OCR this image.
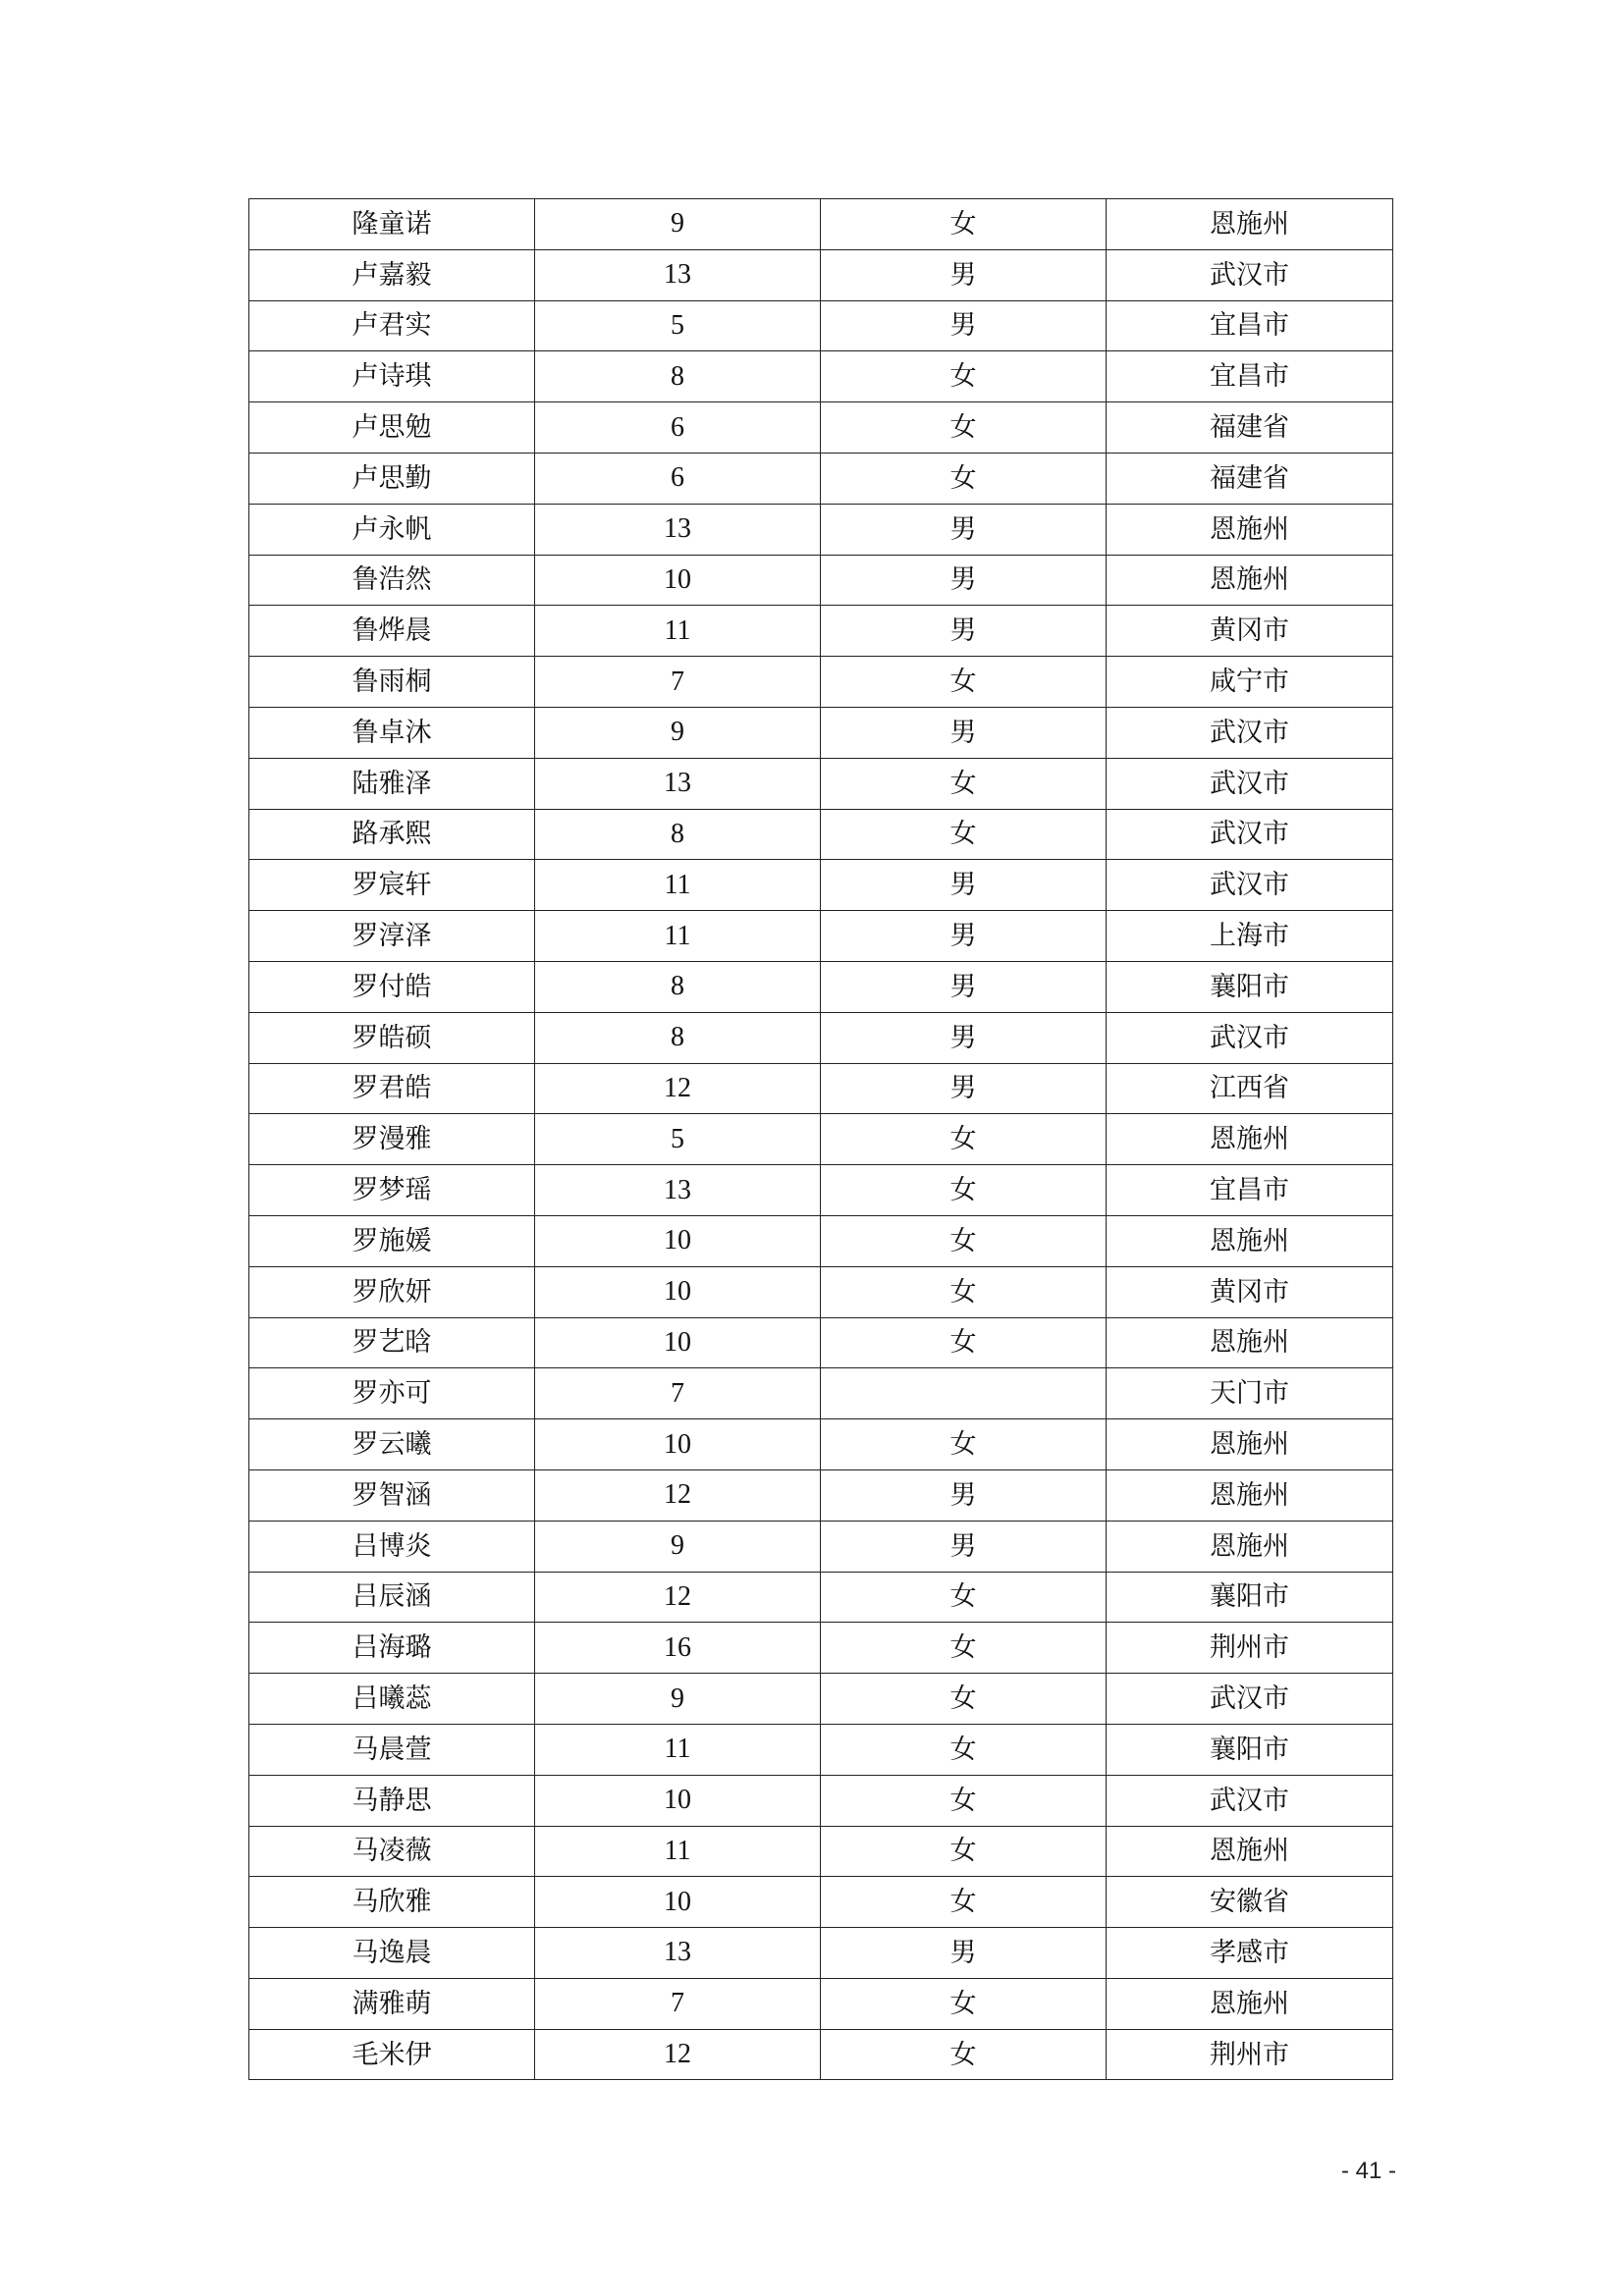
隆童诺	9	女	恩施州
卢嘉毅	13	男	武汉市
卢君实	5	男	宜昌市
卢诗琪	8	女	宜昌市
卢思勉	6	女	福建省
卢思勤	6	女	福建省
卢永帆	13	男	恩施州
鲁浩然	10	男	恩施州
鲁烨晨	11	男	黄冈市
鲁雨桐	7	女	咸宁市
鲁卓沐	9	男	武汉市
陆雅泽	13	女	武汉市
路承熙	8	女	武汉市
罗宸轩	11	男	武汉市
罗淳泽	11	男	上海市
罗付皓	8	男	襄阳市
罗皓硕	8	男	武汉市
罗君皓	12	男	江西省
罗漫雅	5	女	恩施州
罗梦瑶	13	女	宜昌市
罗施媛	10	女	恩施州
罗欣妍	10	女	黄冈市
罗艺晗	10	女	恩施州
罗亦可	7		天门市
罗云曦	10	女	恩施州
罗智涵	12	男	恩施州
吕博炎	9	男	恩施州
吕辰涵	12	女	襄阳市
吕海璐	16	女	荆州市
吕曦蕊	9	女	武汉市
马晨萱	11	女	襄阳市
马静思	10	女	武汉市
马凌薇	11	女	恩施州
马欣雅	10	女	安徽省
马逸晨	13	男	孝感市
满雅萌	7	女	恩施州
毛米伊	12	女	荆州市
- 41 -
